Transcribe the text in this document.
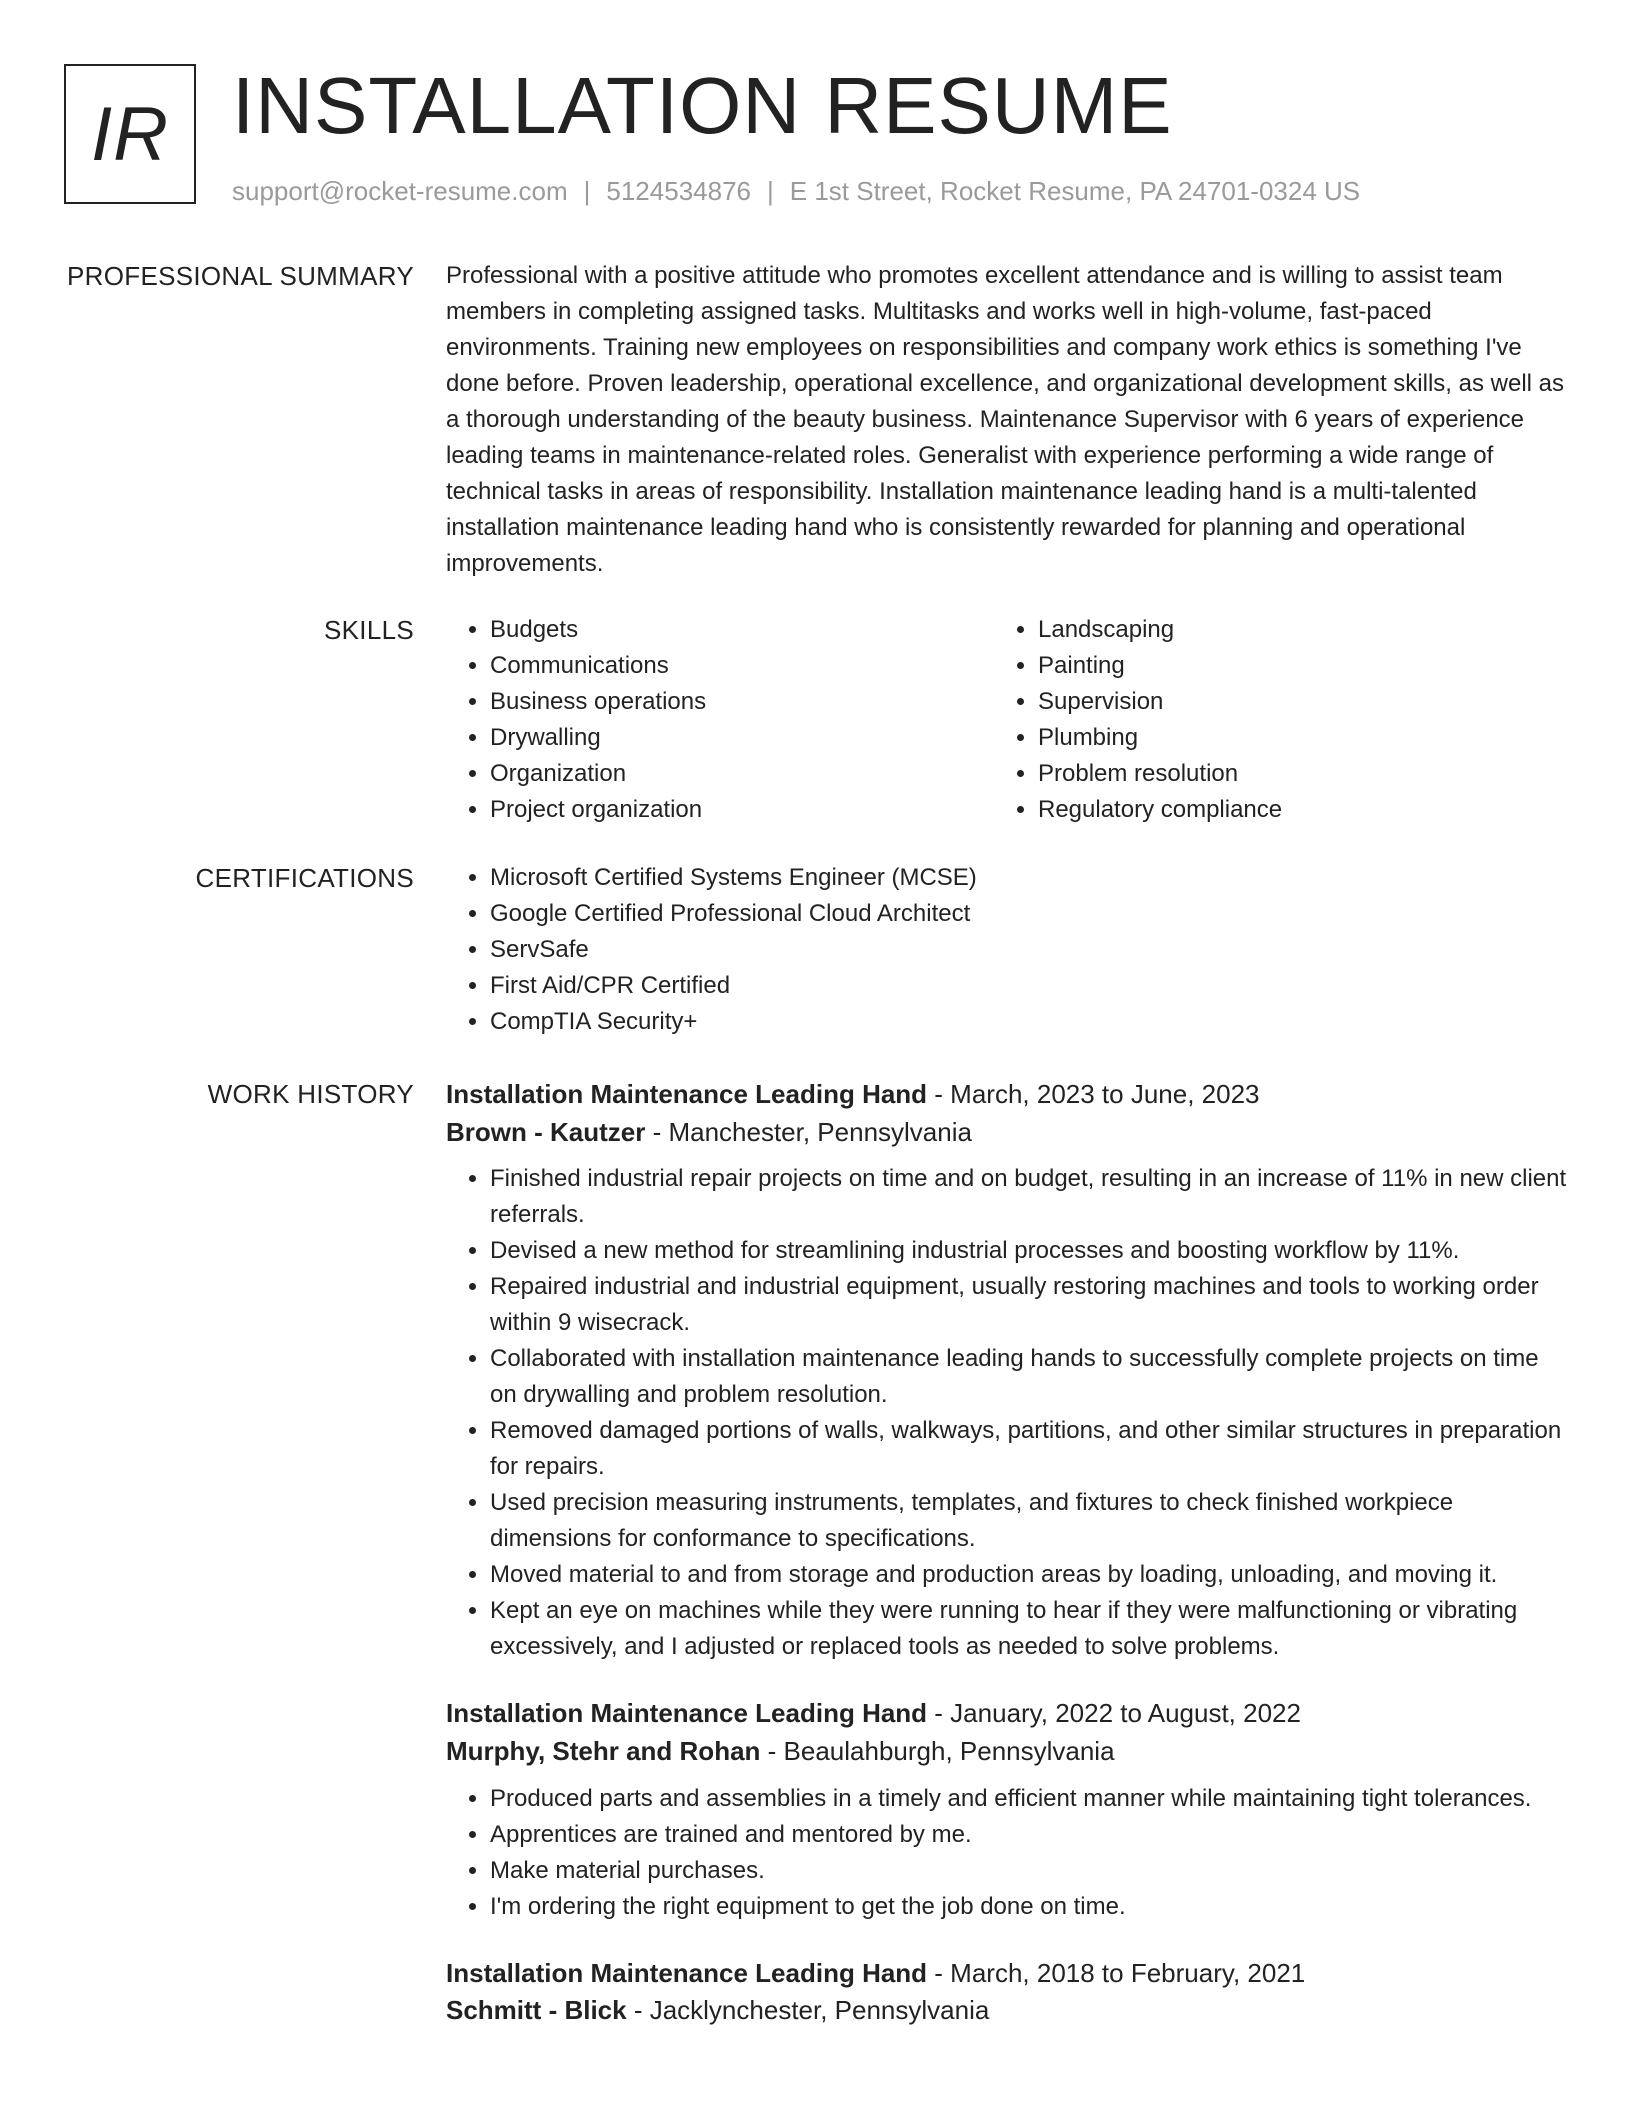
IR INSTALLATION RESUME
support@rocket-resume.com | 5124534876 | E 1st Street, Rocket Resume, PA 24701-0324 US
PROFESSIONAL SUMMARY Professional with a positive attitude who promotes excellent attendance and is willing to assist team members in completing assigned tasks. Multitasks and works well in high-volume, fast-paced environments. Training new employees on responsibilities and company work ethics is something I've done before. Proven leadership, operational excellence, and organizational development skills, as well as a thorough understanding of the beauty business. Maintenance Supervisor with 6 years of experience leading teams in maintenance-related roles. Generalist with experience performing a wide range of technical tasks in areas of responsibility. Installation maintenance leading hand is a multi-talented installation maintenance leading hand who is consistently rewarded for planning and operational improvements.

SKILLS	• Budgets
• Communications
• Business operations
• Drywalling
• Organization
• Project organization
• Landscaping
• Painting
• Supervision
• Plumbing
• Problem resolution
• Regulatory compliance
CERTIFICATIONS	• Microsoft Certified Systems Engineer (MCSE)
• Google Certified Professional Cloud Architect
• ServSafe
• First Aid/CPR Certified
• CompTIA Security+
WORK HISTORY Installation Maintenance Leading Hand - March, 2023 to June, 2023
Brown - Kautzer - Manchester, Pennsylvania
• Finished industrial repair projects on time and on budget, resulting in an increase of 11% in new client referrals.
• Devised a new method for streamlining industrial processes and boosting workflow by 11%.
• Repaired industrial and industrial equipment, usually restoring machines and tools to working order within 9 wisecrack.
• Collaborated with installation maintenance leading hands to successfully complete projects on time on drywalling and problem resolution.
• Removed damaged portions of walls, walkways, partitions, and other similar structures in preparation for repairs.
• Used precision measuring instruments, templates, and fixtures to check finished workpiece dimensions for conformance to specifications.
• Moved material to and from storage and production areas by loading, unloading, and moving it.
• Kept an eye on machines while they were running to hear if they were malfunctioning or vibrating excessively, and I adjusted or replaced tools as needed to solve problems.
Installation Maintenance Leading Hand - January, 2022 to August, 2022
Murphy, Stehr and Rohan - Beaulahburgh, Pennsylvania
• Produced parts and assemblies in a timely and efficient manner while maintaining tight tolerances.
• Apprentices are trained and mentored by me.
• Make material purchases.
• I'm ordering the right equipment to get the job done on time.
Installation Maintenance Leading Hand - March, 2018 to February, 2021
Schmitt - Blick - Jacklynchester, Pennsylvania
